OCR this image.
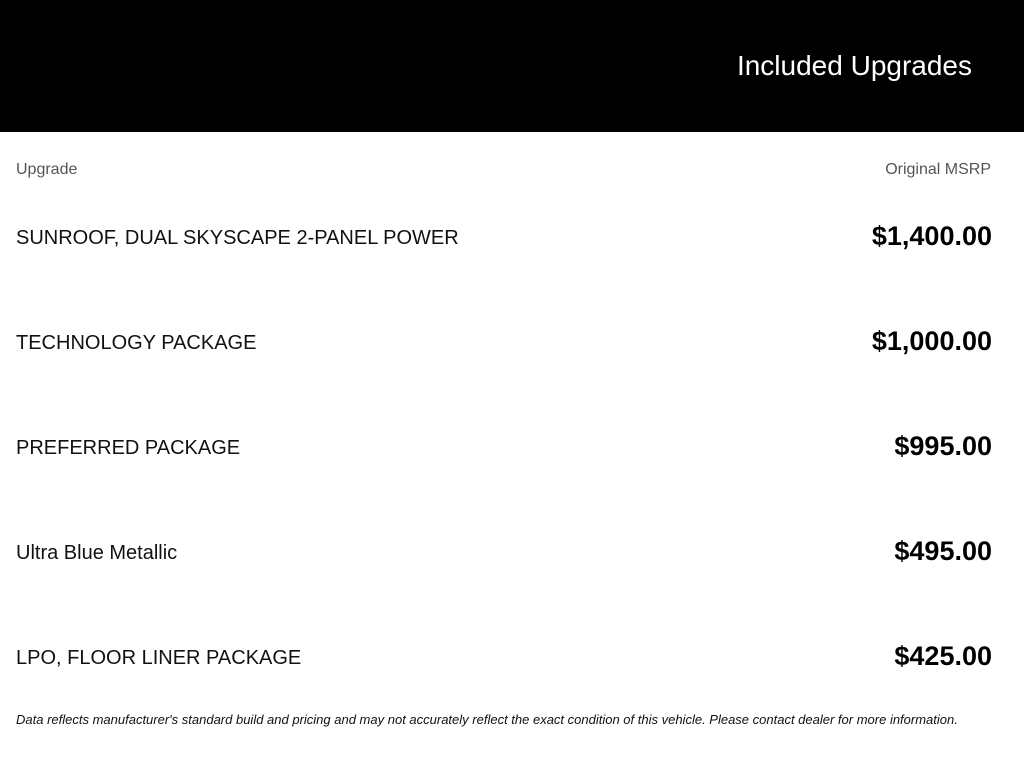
Included Upgrades
Upgrade	Original MSRP
SUNROOF, DUAL SKYSCAPE 2-PANEL POWER	$1,400.00
TECHNOLOGY PACKAGE	$1,000.00
PREFERRED PACKAGE	$995.00
Ultra Blue Metallic	$495.00
LPO, FLOOR LINER PACKAGE	$425.00
Data reflects manufacturer's standard build and pricing and may not accurately reflect the exact condition of this vehicle. Please contact dealer for more information.
